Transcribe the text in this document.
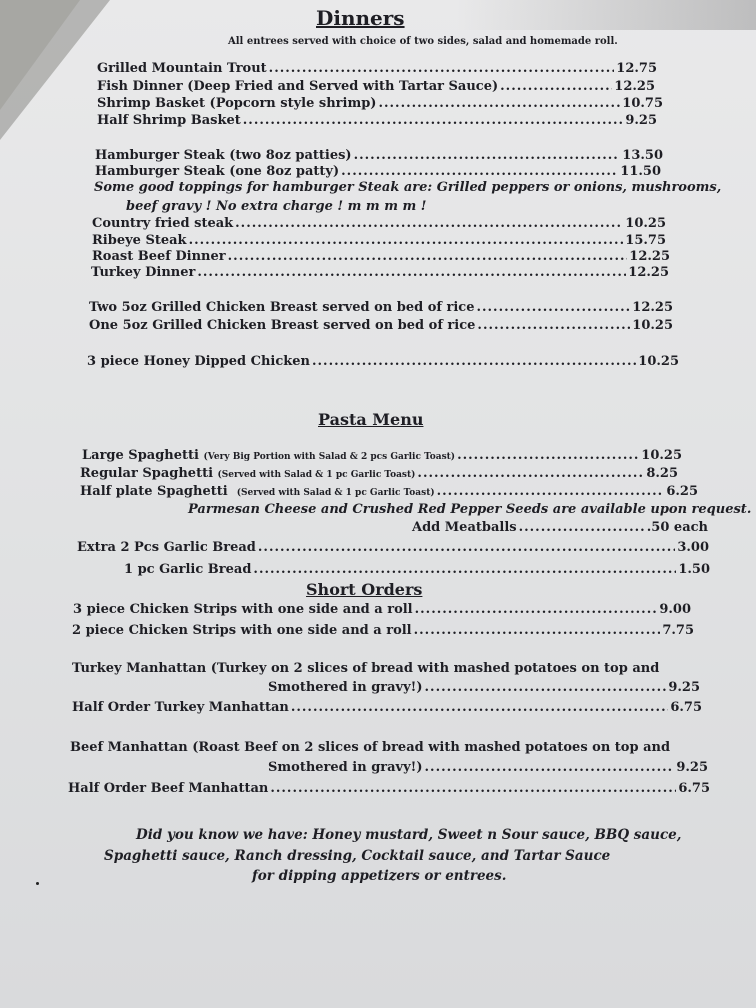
Dinners
All entrees served with choice of two sides, salad and homemade roll.
Grilled Mountain Trout .....	12.75
Fish Dinner (Deep Fried and Served with Tartar Sauce) .....	12.25
Shrimp Basket (Popcorn style shrimp) .....	10.75
Half Shrimp Basket .....	9.25
Hamburger Steak (two 8oz patties) .....	13.50
Hamburger Steak (one 8oz patty) .....	11.50
Some good toppings for hamburger Steak are: Grilled peppers or onions, mushrooms,
beef gravy ! No extra charge ! m m m m !
Country fried steak .....	10.25
Ribeye Steak .....	15.75
Roast Beef Dinner .....	12.25
Turkey Dinner .....	12.25
Two 5oz Grilled Chicken Breast served on bed of rice .....	12.25
One 5oz Grilled Chicken Breast served on bed of rice .....	10.25
3 piece Honey Dipped Chicken .....	10.25
Pasta Menu
Large Spaghetti
(Very Big Portion with Salad & 2 pcs Garlic Toast) .....	10.25
Regular Spaghetti
(Served with Salad & 1 pc Garlic Toast) .....	8.25
Half plate Spaghetti
(Served with Salad & 1 pc Garlic Toast) .....	6.25
Parmesan Cheese and Crushed Red Pepper Seeds are available upon request.
Add Meatballs .....	.50 each
Extra 2 Pcs Garlic Bread .....	3.00
1 pc Garlic Bread .....	1.50
Short Orders
3 piece Chicken Strips with one side and a roll .....	9.00
2 piece Chicken Strips with one side and a roll .....	7.75
Turkey Manhattan (Turkey on 2 slices of bread with mashed potatoes on top and
Smothered in gravy!) .....	9.25
Half Order Turkey Manhattan .....	6.75
Beef Manhattan (Roast Beef on 2 slices of bread with mashed potatoes on top and
Smothered in gravy!) .....	9.25
Half Order Beef Manhattan .....	6.75
Did you know we have: Honey mustard, Sweet n Sour sauce, BBQ sauce,
Spaghetti sauce, Ranch dressing, Cocktail sauce, and Tartar Sauce
for dipping appetizers or entrees.
